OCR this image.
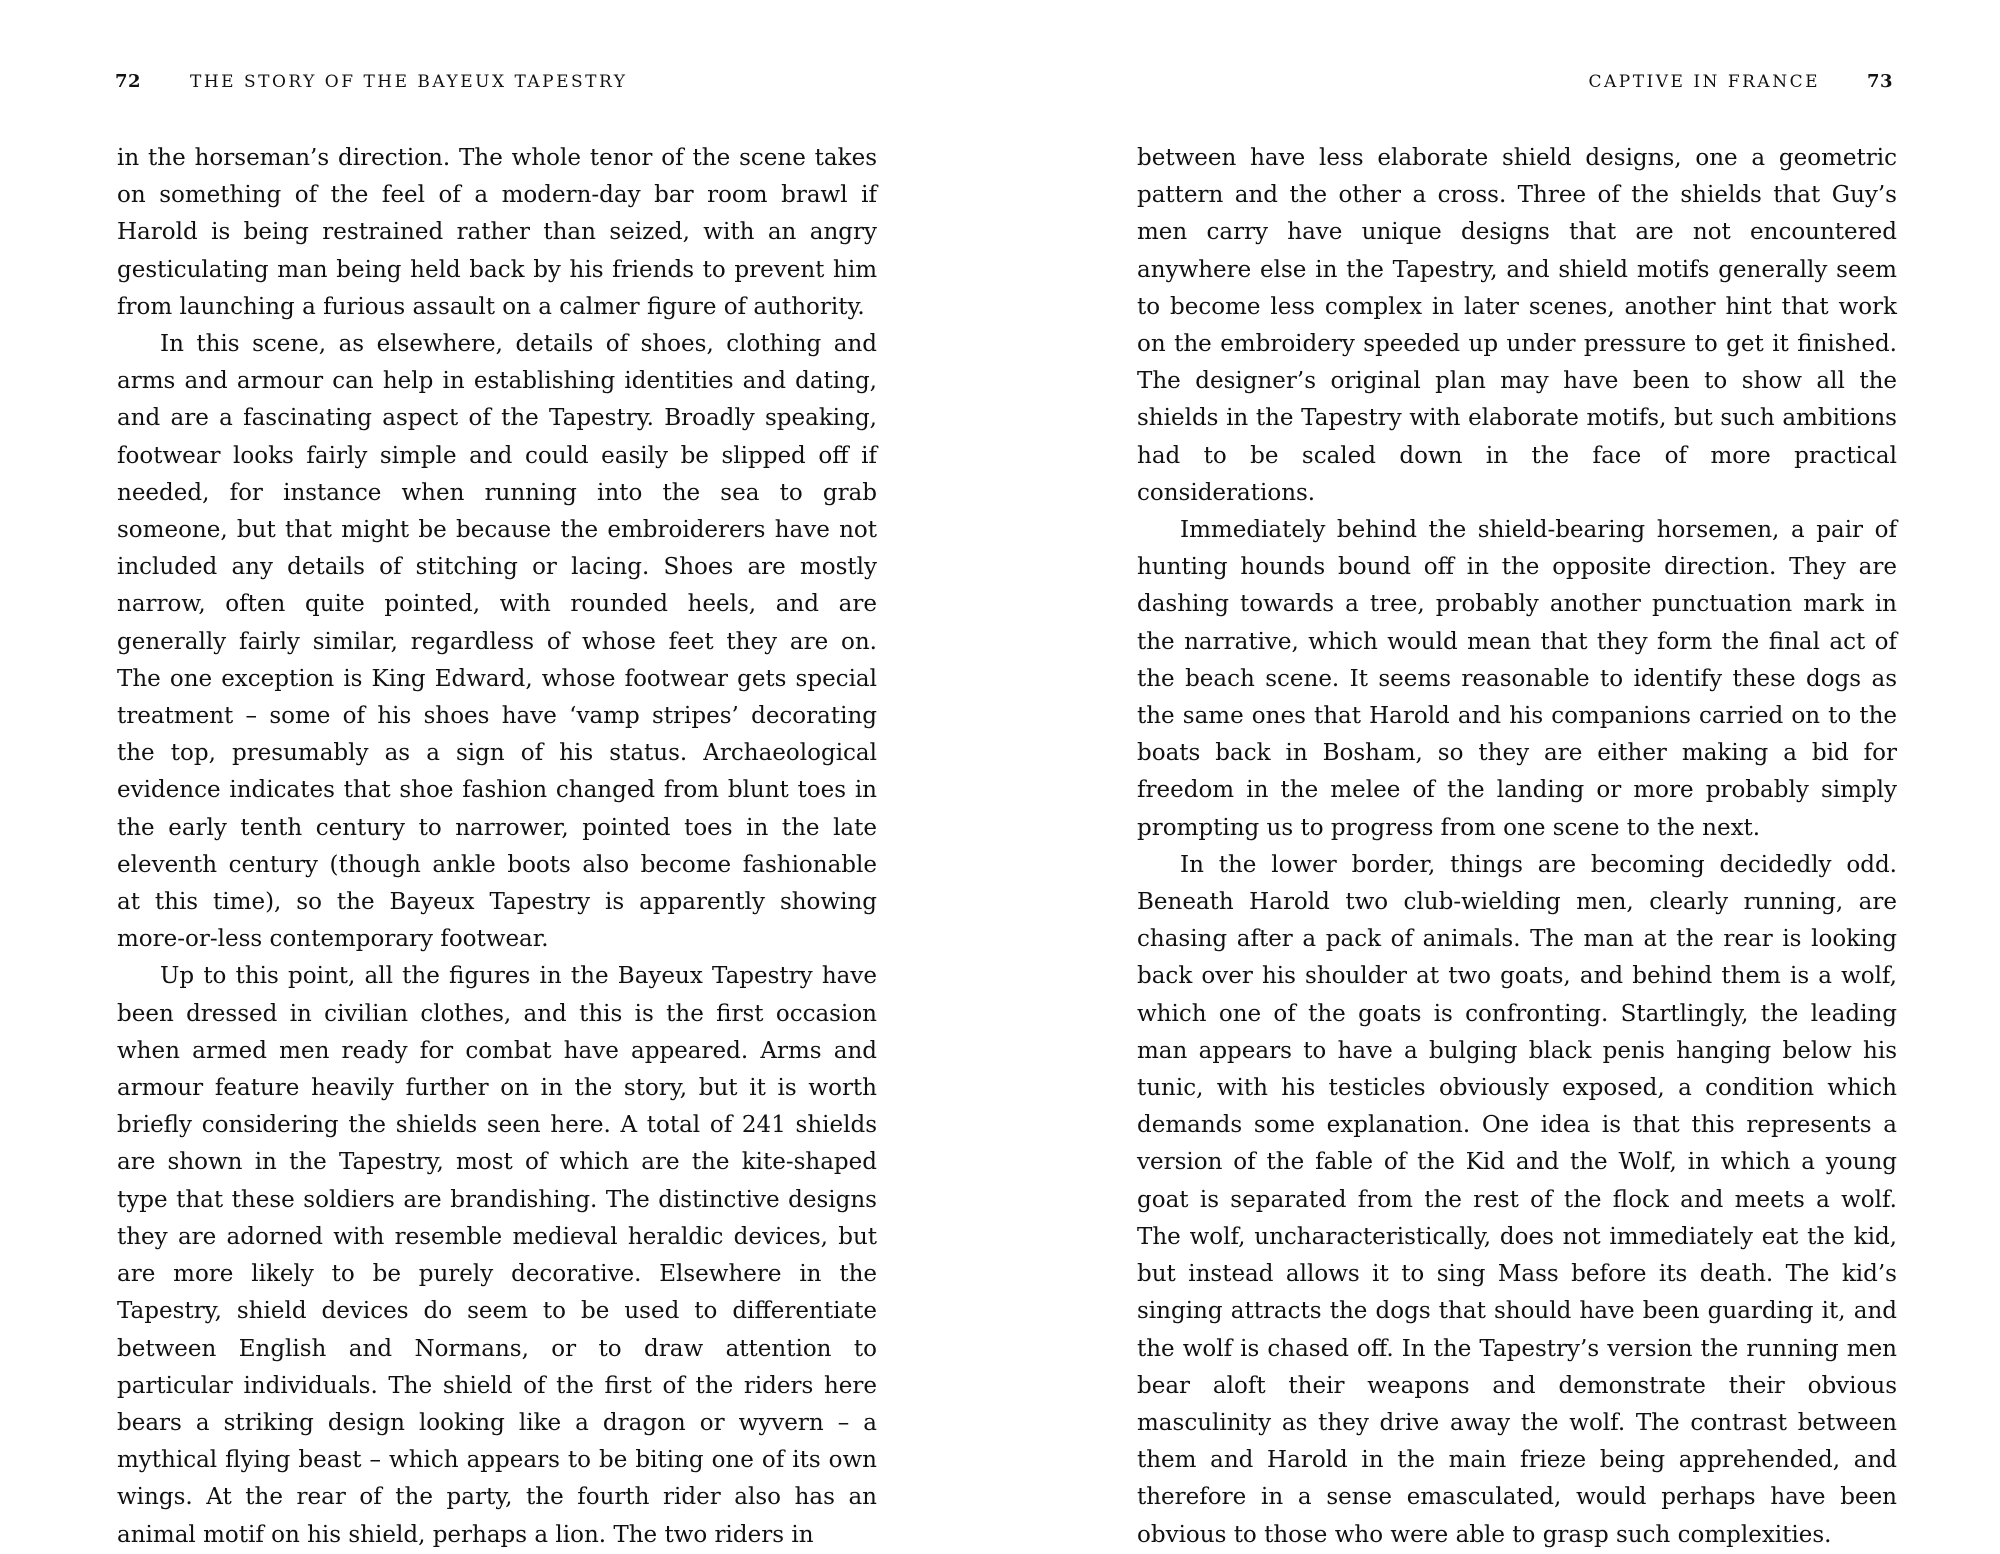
72	THE STORY OF THE BAYEUX TAPESTRY

in the horseman’s direction. The whole tenor of the scene takes on something of the feel of a modern-day bar room brawl if Harold is being restrained rather than seized, with an angry gesticulating man being held back by his friends to prevent him from launching a furious assault on a calmer figure of authority.

In this scene, as elsewhere, details of shoes, clothing and arms and armour can help in establishing identities and dating, and are a fascinating aspect of the Tapestry. Broadly speaking, footwear looks fairly simple and could easily be slipped off if needed, for instance when running into the sea to grab someone, but that might be because the embroiderers have not included any details of stitching or lacing. Shoes are mostly narrow, often quite pointed, with rounded heels, and are generally fairly similar, regardless of whose feet they are on. The one exception is King Edward, whose footwear gets special treatment – some of his shoes have ‘vamp stripes’ decorating the top, presumably as a sign of his status. Archaeological evidence indicates that shoe fashion changed from blunt toes in the early tenth century to narrower, pointed toes in the late eleventh century (though ankle boots also become fashionable at this time), so the Bayeux Tapestry is apparently showing more-or-less contemporary footwear.

Up to this point, all the figures in the Bayeux Tapestry have been dressed in civilian clothes, and this is the first occasion when armed men ready for combat have appeared. Arms and armour feature heavily further on in the story, but it is worth briefly considering the shields seen here. A total of 241 shields are shown in the Tapestry, most of which are the kite-shaped type that these soldiers are brandishing. The distinctive designs they are adorned with resemble medieval heraldic devices, but are more likely to be purely decorative. Elsewhere in the Tapestry, shield devices do seem to be used to differentiate between English and Normans, or to draw attention to particular individuals. The shield of the first of the riders here bears a striking design looking like a dragon or wyvern – a mythical flying beast – which appears to be biting one of its own wings. At the rear of the party, the fourth rider also has an animal motif on his shield, perhaps a lion. The two riders in

CAPTIVE IN FRANCE	73

between have less elaborate shield designs, one a geometric pattern and the other a cross. Three of the shields that Guy’s men carry have unique designs that are not encountered anywhere else in the Tapestry, and shield motifs generally seem to become less complex in later scenes, another hint that work on the embroidery speeded up under pressure to get it finished. The designer’s original plan may have been to show all the shields in the Tapestry with elaborate motifs, but such ambitions had to be scaled down in the face of more practical considerations.

Immediately behind the shield-bearing horsemen, a pair of hunting hounds bound off in the opposite direction. They are dashing towards a tree, probably another punctuation mark in the narrative, which would mean that they form the final act of the beach scene. It seems reasonable to identify these dogs as the same ones that Harold and his companions carried on to the boats back in Bosham, so they are either making a bid for freedom in the melee of the landing or more probably simply prompting us to progress from one scene to the next.

In the lower border, things are becoming decidedly odd. Beneath Harold two club-wielding men, clearly running, are chasing after a pack of animals. The man at the rear is looking back over his shoulder at two goats, and behind them is a wolf, which one of the goats is confronting. Startlingly, the leading man appears to have a bulging black penis hanging below his tunic, with his testicles obviously exposed, a condition which demands some explanation. One idea is that this represents a version of the fable of the Kid and the Wolf, in which a young goat is separated from the rest of the flock and meets a wolf. The wolf, uncharacteristically, does not immediately eat the kid, but instead allows it to sing Mass before its death. The kid’s singing attracts the dogs that should have been guarding it, and the wolf is chased off. In the Tapestry’s version the running men bear aloft their weapons and demonstrate their obvious masculinity as they drive away the wolf. The contrast between them and Harold in the main frieze being apprehended, and therefore in a sense emasculated, would perhaps have been obvious to those who were able to grasp such complexities.
